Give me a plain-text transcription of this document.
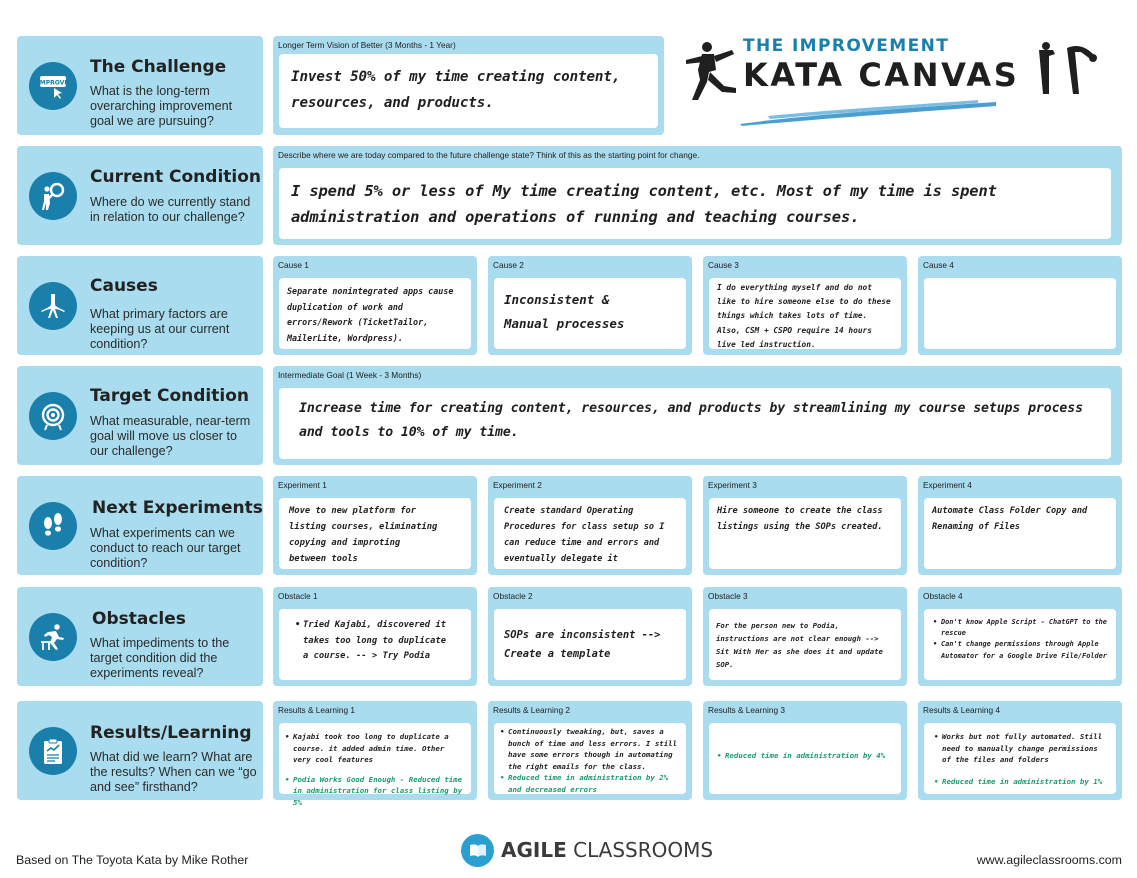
THE IMPROVEMENT
KATA CANVAS
IMPROVE
The Challenge
What is the long-term overarching improvement goal we are pursuing?
Longer Term Vision of Better (3 Months - 1 Year)
Invest 50% of my time creating content, resources, and products.
Current Condition
Where do we currently stand in relation to our challenge?
Describe where we are today compared to the future challenge state? Think of this as the starting point for change.
I spend 5% or less of My time creating content, etc. Most of my time is spent administration and operations of running and teaching courses.
Causes
What primary factors are keeping us at our current condition?
Cause 1
Separate nonintegrated apps cause duplication of work and errors/Rework (TicketTailor, MailerLite, Wordpress).
Cause 2
Inconsistent & Manual processes
Cause 3
I do everything myself and do not like to hire someone else to do these things which takes lots of time. Also, CSM + CSPO require 14 hours live led instruction.
Cause 4
Target Condition
What measurable, near-term goal will move us closer to our challenge?
Intermediate Goal (1 Week - 3 Months)
Increase time for creating content, resources, and products by streamlining my course setups process and tools to 10% of my time.
Next Experiments
What experiments can we conduct to reach our target condition?
Experiment 1
Move to new platform for listing courses, eliminating copying and improting between tools
Experiment 2
Create standard Operating Procedures for class setup so I can reduce time and errors and eventually delegate it
Experiment 3
Hire someone to create the class listings using the SOPs created.
Experiment 4
Automate Class Folder Copy and Renaming of Files
Obstacles
What impediments to the target condition did the experiments reveal?
Obstacle 1
• Tried Kajabi, discovered it takes too long to duplicate a course. -- > Try Podia
Obstacle 2
SOPs are inconsistent --> Create a template
Obstacle 3
For the person new to Podia, instructions are not clear enough --> Sit With Her as she does it and update SOP.
Obstacle 4
• Don't know Apple Script - ChatGPT to the rescue
• Can't change permissions through Apple Automator for a Google Drive File/Folder
Results/Learning
What did we learn? What are the results? When can we “go and see” firsthand?
Results & Learning 1
• Kajabi took too long to duplicate a course. it added admin time. Other very cool features
• Podia Works Good Enough - Reduced time in administration for class listing by 5%
Results & Learning 2
• Continuously tweaking, but, saves a bunch of time and less errors. I still have some errors though in automating the right emails for the class.
• Reduced time in administration by 2% and decreased errors
Results & Learning 3
• Reduced time in administration by 4%
Results & Learning 4
• Works but not fully automated. Still need to manually change permissions of the files and folders
• Reduced time in administration by 1%
Based on The Toyota Kata by Mike Rother	AGILE CLASSROOMS	www.agileclassrooms.com
